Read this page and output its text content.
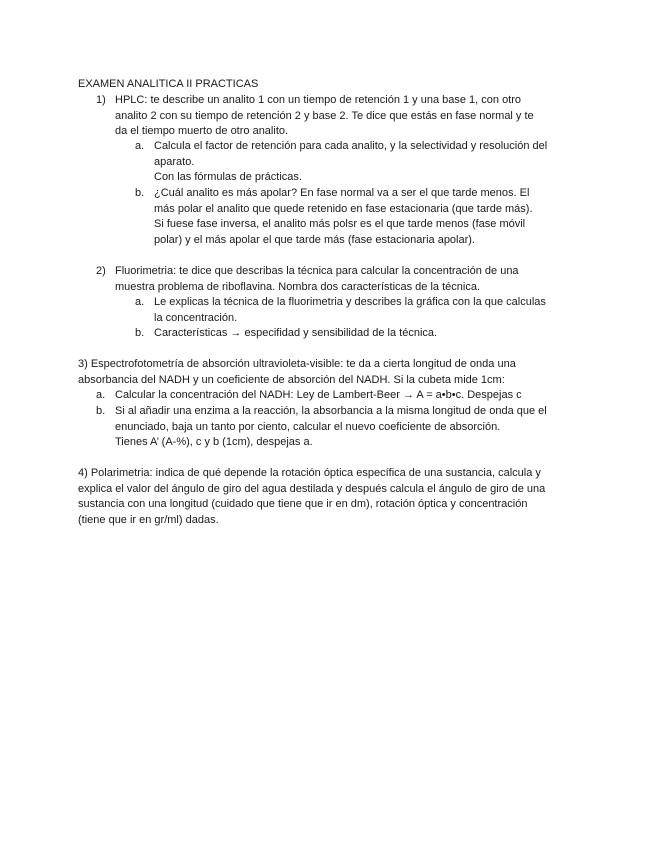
EXAMEN ANALITICA II PRACTICAS
1) HPLC: te describe un analito 1 con un tiempo de retención 1 y una base 1, con otro
analito 2 con su tiempo de retención 2 y base 2. Te dice que estás en fase normal y te
da el tiempo muerto de otro analito.
a. Calcula el factor de retención para cada analito, y la selectividad y resolución del
aparato.
Con las fórmulas de prácticas.
b. ¿Cuál analito es más apolar? En fase normal va a ser el que tarde menos. El
más polar el analito que quede retenido en fase estacionaria (que tarde más).
Si fuese fase inversa, el analito más polsr es el que tarde menos (fase móvil
polar) y el más apolar el que tarde más (fase estacionaria apolar).
2) Fluorimetria: te dice que describas la técnica para calcular la concentración de una
muestra problema de riboflavina. Nombra dos características de la técnica.
a. Le explicas la técnica de la fluorimetria y describes la gráfica con la que calculas
la concentración.
b. Características → especifidad y sensibilidad de la técnica.
3) Espectrofotometría de absorción ultravioleta-visible: te da a cierta longitud de onda una
absorbancia del NADH y un coeficiente de absorción del NADH. Si la cubeta mide 1cm:
a. Calcular la concentración del NADH: Ley de Lambert-Beer → A = a•b•c. Despejas c
b. Si al añadir una enzima a la reacción, la absorbancia a la misma longitud de onda que el
enunciado, baja un tanto por ciento, calcular el nuevo coeficiente de absorción.
Tienes A’ (A-%), c y b (1cm), despejas a.
4) Polarimetria: indica de qué depende la rotación óptica específica de una sustancia, calcula y
explica el valor del ángulo de giro del agua destilada y después calcula el ángulo de giro de una
sustancia con una longitud (cuidado que tiene que ir en dm), rotación óptica y concentración
(tiene que ir en gr/ml) dadas.
